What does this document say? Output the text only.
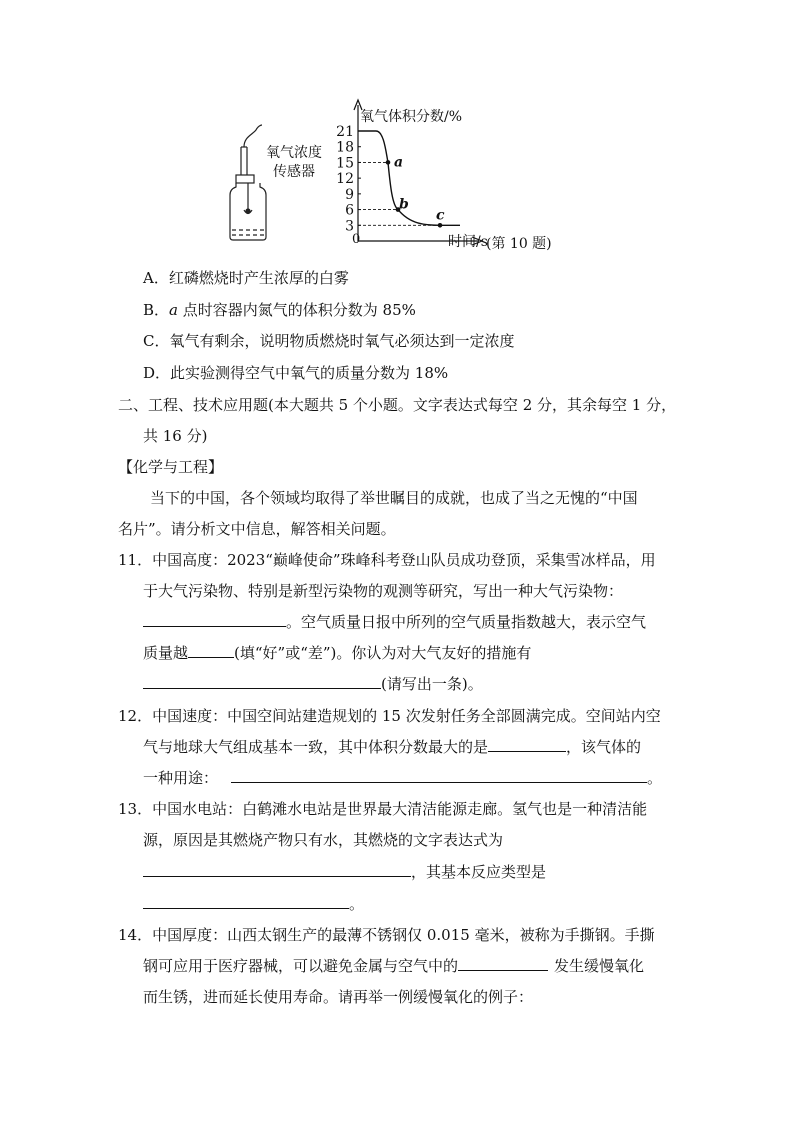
氧气浓度
传感器
氧气体积分数/%
时间/s
0	(第 10 题)
21
18
15
12
9
6
3
a
b
c
A．红磷燃烧时产生浓厚的白雾
B．a 点时容器内氮气的体积分数为 85%
C．氧气有剩余，说明物质燃烧时氧气必须达到一定浓度
D．此实验测得空气中氧气的质量分数为 18%
二、工程、技术应用题(本大题共 5 个小题。文字表达式每空 2 分，其余每空 1 分，
共 16 分)
【化学与工程】
当下的中国，各个领域均取得了举世瞩目的成就，也成了当之无愧的“中国
名片”。请分析文中信息，解答相关问题。
11．中国高度：2023“巅峰使命”珠峰科考登山队员成功登顶，采集雪冰样品，用
于大气污染物、特别是新型污染物的观测等研究，写出一种大气污染物：
。空气质量日报中所列的空气质量指数越大，表示空气
质量越	(填“好”或“差”)。你认为对大气友好的措施有
(请写出一条)。
12．中国速度：中国空间站建造规划的 15 次发射任务全部圆满完成。空间站内空
气与地球大气组成基本一致，其中体积分数最大的是	，该气体的
一种用途：	。
13．中国水电站：白鹤滩水电站是世界最大清洁能源走廊。氢气也是一种清洁能
源，原因是其燃烧产物只有水，其燃烧的文字表达式为
，其基本反应类型是
。
14．中国厚度：山西太钢生产的最薄不锈钢仅 0.015 毫米，被称为手撕钢。手撕
钢可应用于医疗器械，可以避免金属与空气中的	发生缓慢氧化
而生锈，进而延长使用寿命。请再举一例缓慢氧化的例子：
